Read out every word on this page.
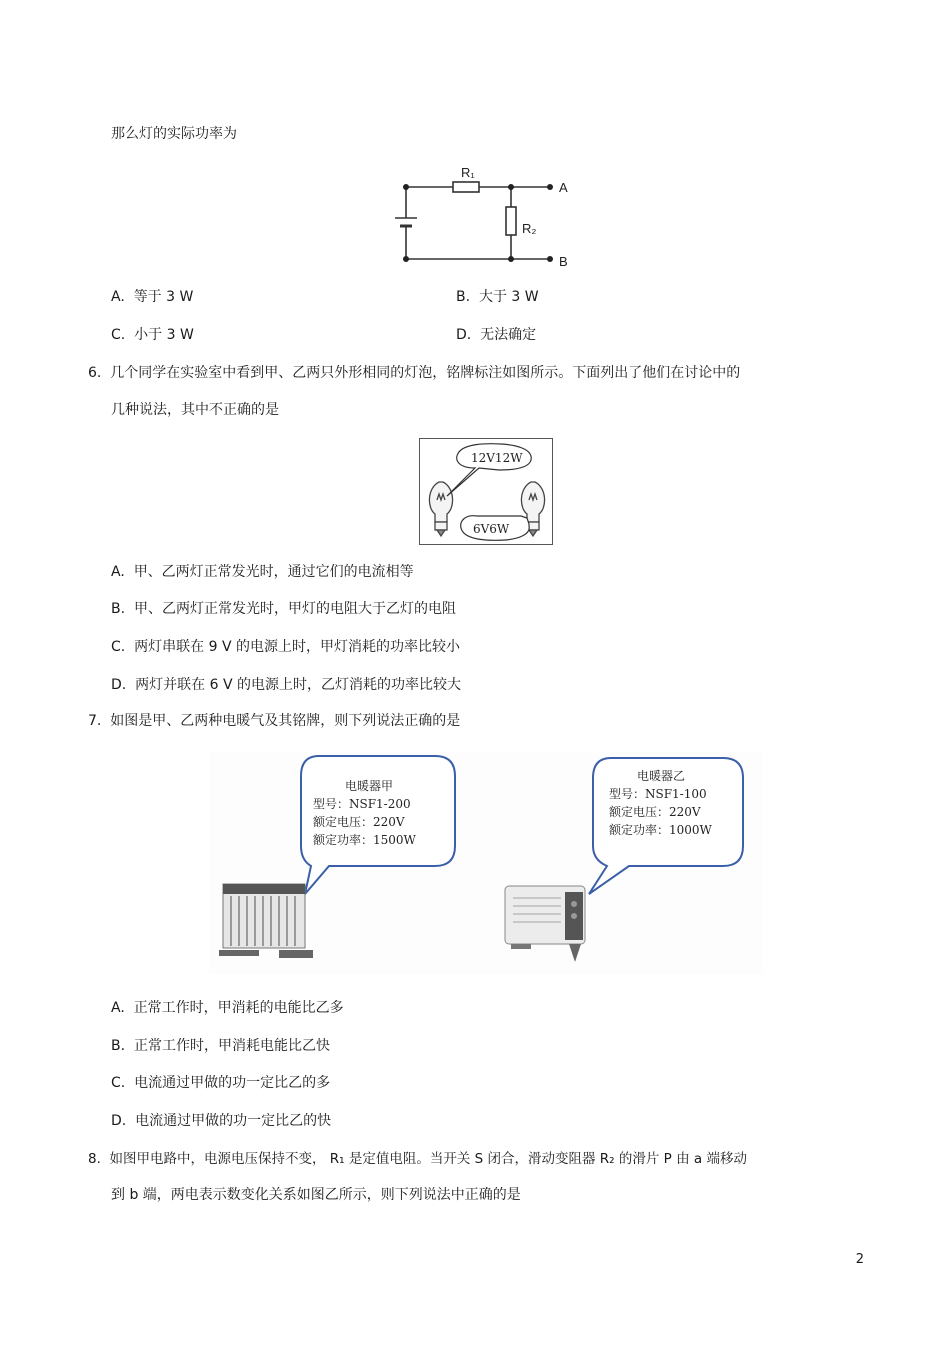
那么灯的实际功率为
R₁
R₂
A
B
A. 等于 3 W	B. 大于 3 W
C. 小于 3 W	D. 无法确定
6. 几个同学在实验室中看到甲、乙两只外形相同的灯泡，铭牌标注如图所示。下面列出了他们在讨论中的
几种说法，其中不正确的是
12V12W
6V6W
A. 甲、乙两灯正常发光时，通过它们的电流相等
B. 甲、乙两灯正常发光时，甲灯的电阻大于乙灯的电阻
C. 两灯串联在 9 V 的电源上时，甲灯消耗的功率比较小
D. 两灯并联在 6 V 的电源上时，乙灯消耗的功率比较大
7. 如图是甲、乙两种电暖气及其铭牌，则下列说法正确的是
电暖器甲
型号：NSF1-200
额定电压：220V
额定功率：1500W
电暖器乙
型号：NSF1-100
额定电压：220V
额定功率：1000W
A. 正常工作时，甲消耗的电能比乙多
B. 正常工作时，甲消耗电能比乙快
C. 电流通过甲做的功一定比乙的多
D. 电流通过甲做的功一定比乙的快
8. 如图甲电路中，电源电压保持不变， R₁ 是定值电阻。当开关 S 闭合，滑动变阻器 R₂ 的滑片 P 由 a 端移动
到 b 端，两电表示数变化关系如图乙所示，则下列说法中正确的是
2
